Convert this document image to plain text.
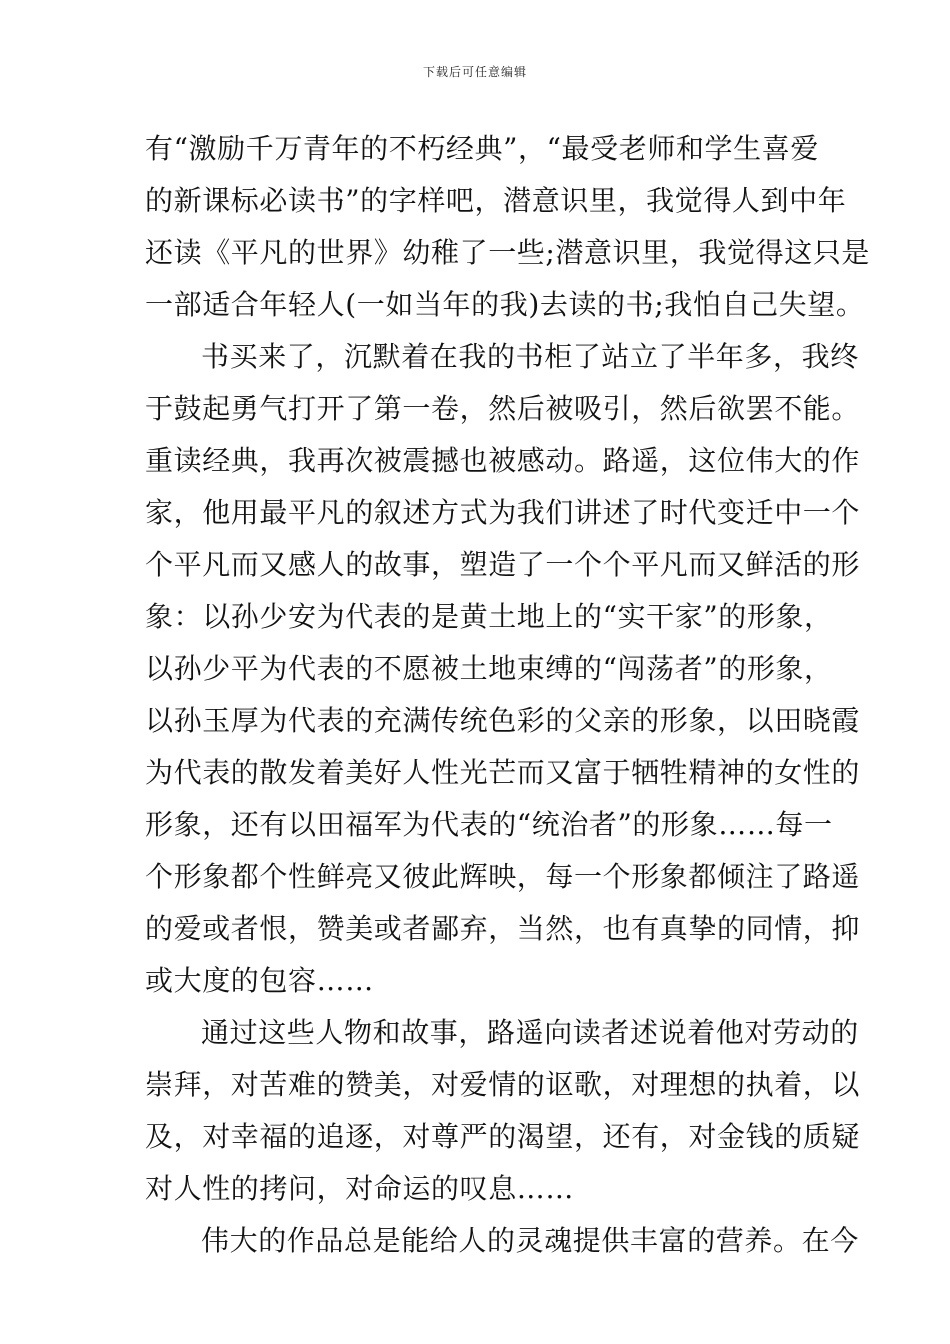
下载后可任意编辑
有“激励千万青年的不朽经典”，“最受老师和学生喜爱
的新课标必读书”的字样吧，潜意识里，我觉得人到中年
还读《平凡的世界》幼稚了一些;潜意识里，我觉得这只是
一部适合年轻人(一如当年的我)去读的书;我怕自己失望。
书买来了，沉默着在我的书柜了站立了半年多，我终
于鼓起勇气打开了第一卷，然后被吸引，然后欲罢不能。
重读经典，我再次被震撼也被感动。路遥，这位伟大的作
家，他用最平凡的叙述方式为我们讲述了时代变迁中一个
个平凡而又感人的故事，塑造了一个个平凡而又鲜活的形
象：以孙少安为代表的是黄土地上的“实干家”的形象，
以孙少平为代表的不愿被土地束缚的“闯荡者”的形象，
以孙玉厚为代表的充满传统色彩的父亲的形象，以田晓霞
为代表的散发着美好人性光芒而又富于牺牲精神的女性的
形象，还有以田福军为代表的“统治者”的形象……每一
个形象都个性鲜亮又彼此辉映，每一个形象都倾注了路遥
的爱或者恨，赞美或者鄙弃，当然，也有真挚的同情，抑
或大度的包容……
通过这些人物和故事，路遥向读者述说着他对劳动的
崇拜，对苦难的赞美，对爱情的讴歌，对理想的执着，以
及，对幸福的追逐，对尊严的渴望，还有，对金钱的质疑
对人性的拷问，对命运的叹息……
伟大的作品总是能给人的灵魂提供丰富的营养。在今
